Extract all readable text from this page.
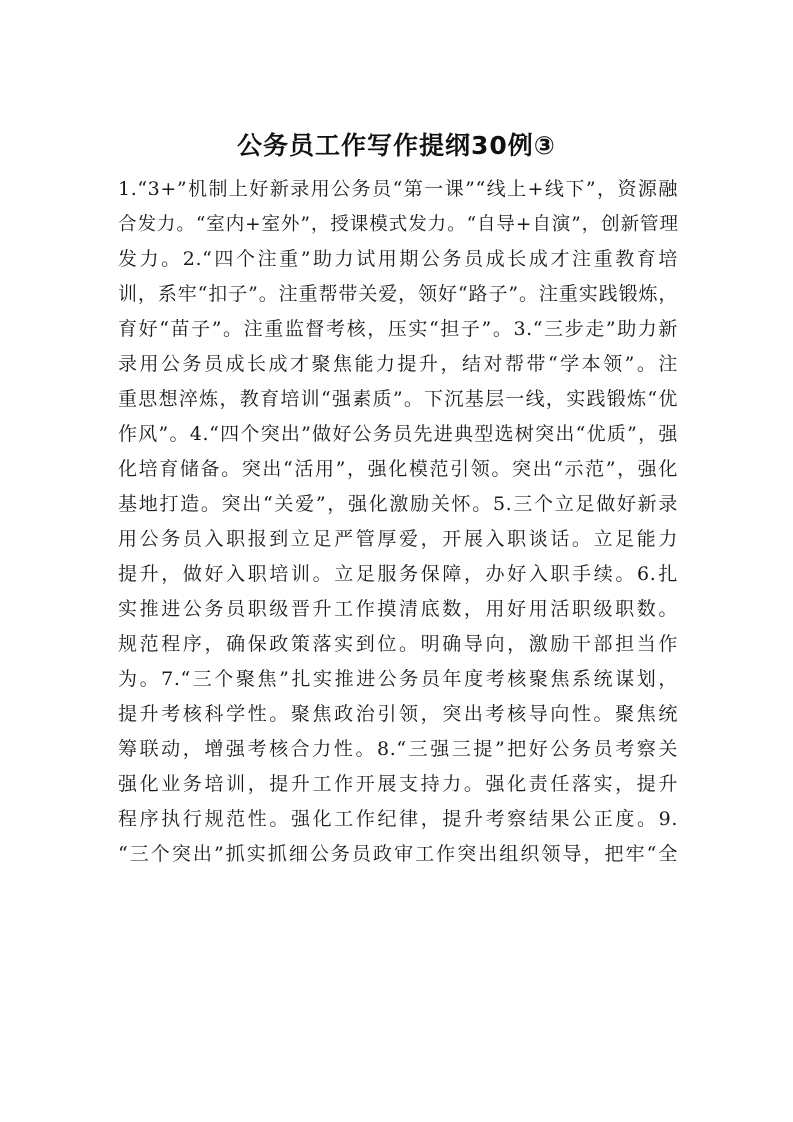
公务员工作写作提纲30例③
1.“3+”机制上好新录用公务员“第一课”“线上+线下”，资源融
合发力。“室内+室外”，授课模式发力。“自导+自演”，创新管理
发力。2.“四个注重”助力试用期公务员成长成才注重教育培
训，系牢“扣子”。注重帮带关爱，领好“路子”。注重实践锻炼，
育好“苗子”。注重监督考核，压实“担子”。3.“三步走”助力新
录用公务员成长成才聚焦能力提升，结对帮带“学本领”。注
重思想淬炼，教育培训“强素质”。下沉基层一线，实践锻炼“优
作风”。4.“四个突出”做好公务员先进典型选树突出“优质”，强
化培育储备。突出“活用”，强化模范引领。突出“示范”，强化
基地打造。突出“关爱”，强化激励关怀。5.三个立足做好新录
用公务员入职报到立足严管厚爱，开展入职谈话。立足能力
提升，做好入职培训。立足服务保障，办好入职手续。6.扎
实推进公务员职级晋升工作摸清底数，用好用活职级职数。
规范程序，确保政策落实到位。明确导向，激励干部担当作
为。7.“三个聚焦”扎实推进公务员年度考核聚焦系统谋划，
提升考核科学性。聚焦政治引领，突出考核导向性。聚焦统
筹联动，增强考核合力性。8.“三强三提”把好公务员考察关
强化业务培训，提升工作开展支持力。强化责任落实，提升
程序执行规范性。强化工作纪律，提升考察结果公正度。9.
“三个突出”抓实抓细公务员政审工作突出组织领导，把牢“全
